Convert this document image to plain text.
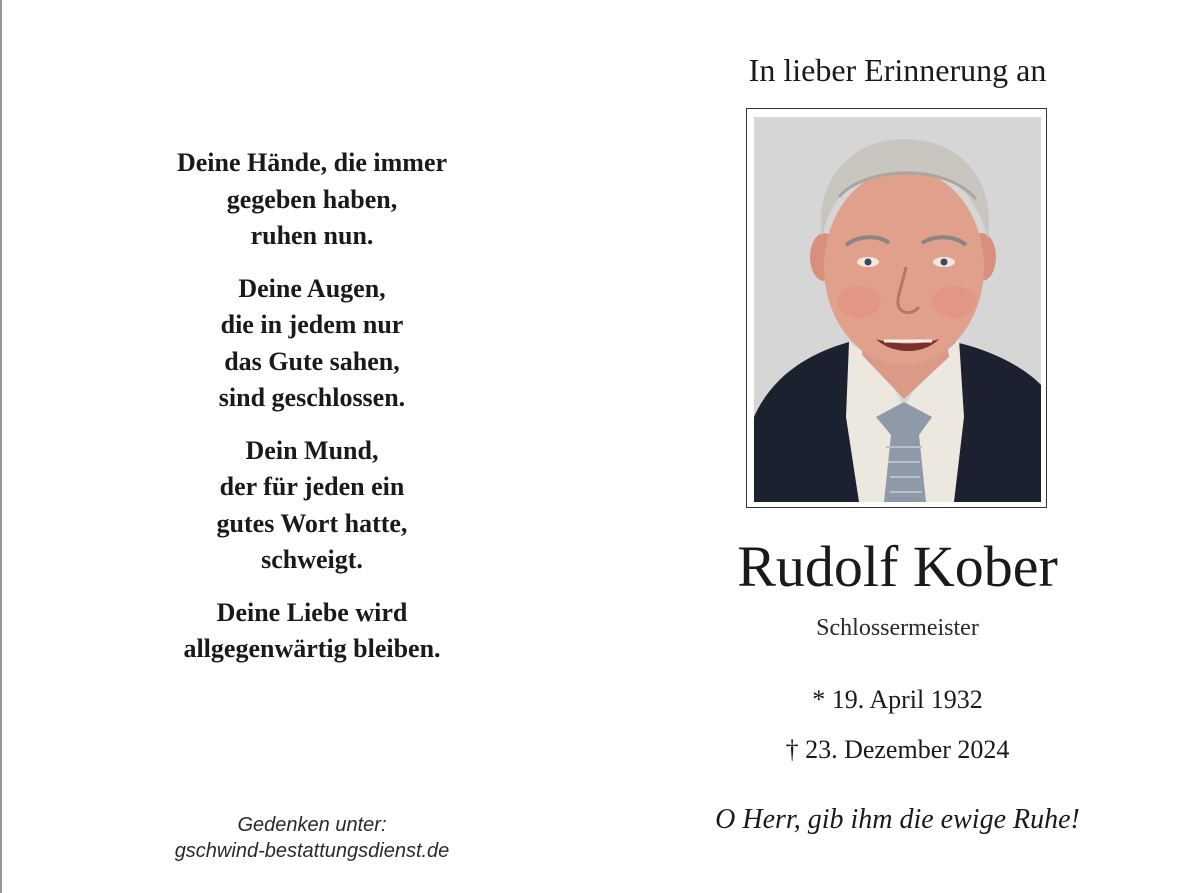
Deine Hände, die immer
gegeben haben,
ruhen nun.

Deine Augen,
die in jedem nur
das Gute sahen,
sind geschlossen.

Dein Mund,
der für jeden ein
gutes Wort hatte,
schweigt.

Deine Liebe wird
allgegenwärtig bleiben.

Gedenken unter:
gschwind-bestattungsdienst.de
In lieber Erinnerung an
Rudolf Kober
Schlossermeister
* 19. April 1932
† 23. Dezember 2024
O Herr, gib ihm die ewige Ruhe!
